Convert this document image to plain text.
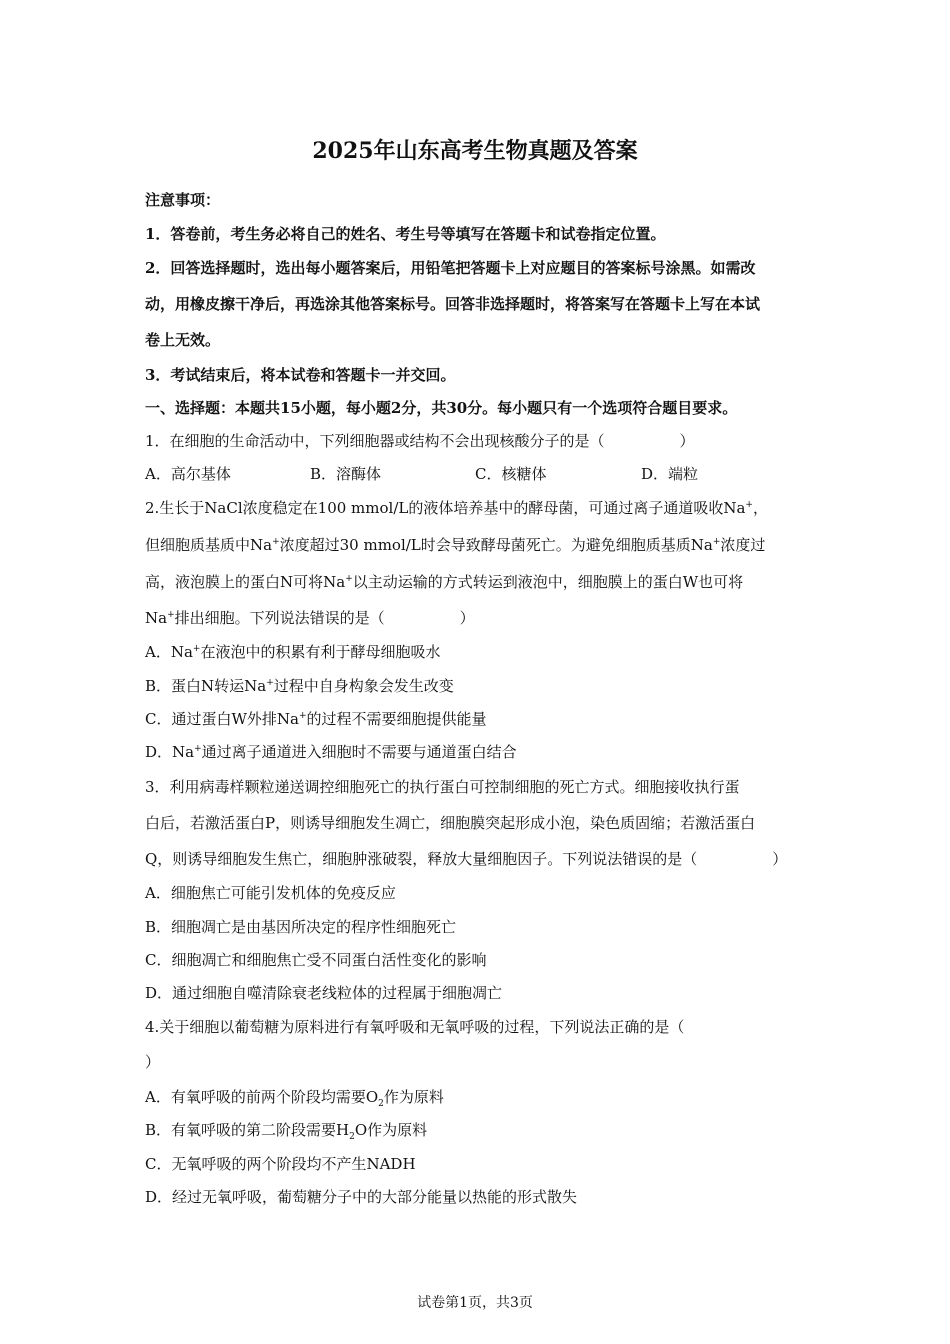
2025年山东高考生物真题及答案
注意事项：
1．答卷前，考生务必将自己的姓名、考生号等填写在答题卡和试卷指定位置。
2．回答选择题时，选出每小题答案后，用铅笔把答题卡上对应题目的答案标号涂黑。如需改
动，用橡皮擦干净后，再选涂其他答案标号。回答非选择题时，将答案写在答题卡上写在本试
卷上无效。
3．考试结束后，将本试卷和答题卡一并交回。
一、选择题：本题共15小题，每小题2分，共30分。每小题只有一个选项符合题目要求。
1．在细胞的生命活动中，下列细胞器或结构不会出现核酸分子的是（　　　　　）
A．高尔基体	B．溶酶体	C．核糖体	D．端粒
2.生长于NaCl浓度稳定在100 mmol/L的液体培养基中的酵母菌，可通过离子通道吸收Na+，
但细胞质基质中Na+浓度超过30 mmol/L时会导致酵母菌死亡。为避免细胞质基质Na+浓度过
高，液泡膜上的蛋白N可将Na+以主动运输的方式转运到液泡中，细胞膜上的蛋白W也可将
Na+排出细胞。下列说法错误的是（　　　　　）
A．Na+在液泡中的积累有利于酵母细胞吸水
B．蛋白N转运Na+过程中自身构象会发生改变
C．通过蛋白W外排Na+的过程不需要细胞提供能量
D．Na+通过离子通道进入细胞时不需要与通道蛋白结合
3．利用病毒样颗粒递送调控细胞死亡的执行蛋白可控制细胞的死亡方式。细胞接收执行蛋
白后，若激活蛋白P，则诱导细胞发生凋亡，细胞膜突起形成小泡，染色质固缩；若激活蛋白
Q，则诱导细胞发生焦亡，细胞肿涨破裂，释放大量细胞因子。下列说法错误的是（　　　　　）
A．细胞焦亡可能引发机体的免疫反应
B．细胞凋亡是由基因所决定的程序性细胞死亡
C．细胞凋亡和细胞焦亡受不同蛋白活性变化的影响
D．通过细胞自噬清除衰老线粒体的过程属于细胞凋亡
4.关于细胞以葡萄糖为原料进行有氧呼吸和无氧呼吸的过程，下列说法正确的是（
）
A．有氧呼吸的前两个阶段均需要$O_2$作为原料
B．有氧呼吸的第二阶段需要$H_2O$作为原料
C．无氧呼吸的两个阶段均不产生NADH
D．经过无氧呼吸，葡萄糖分子中的大部分能量以热能的形式散失
试卷第1页，共3页
